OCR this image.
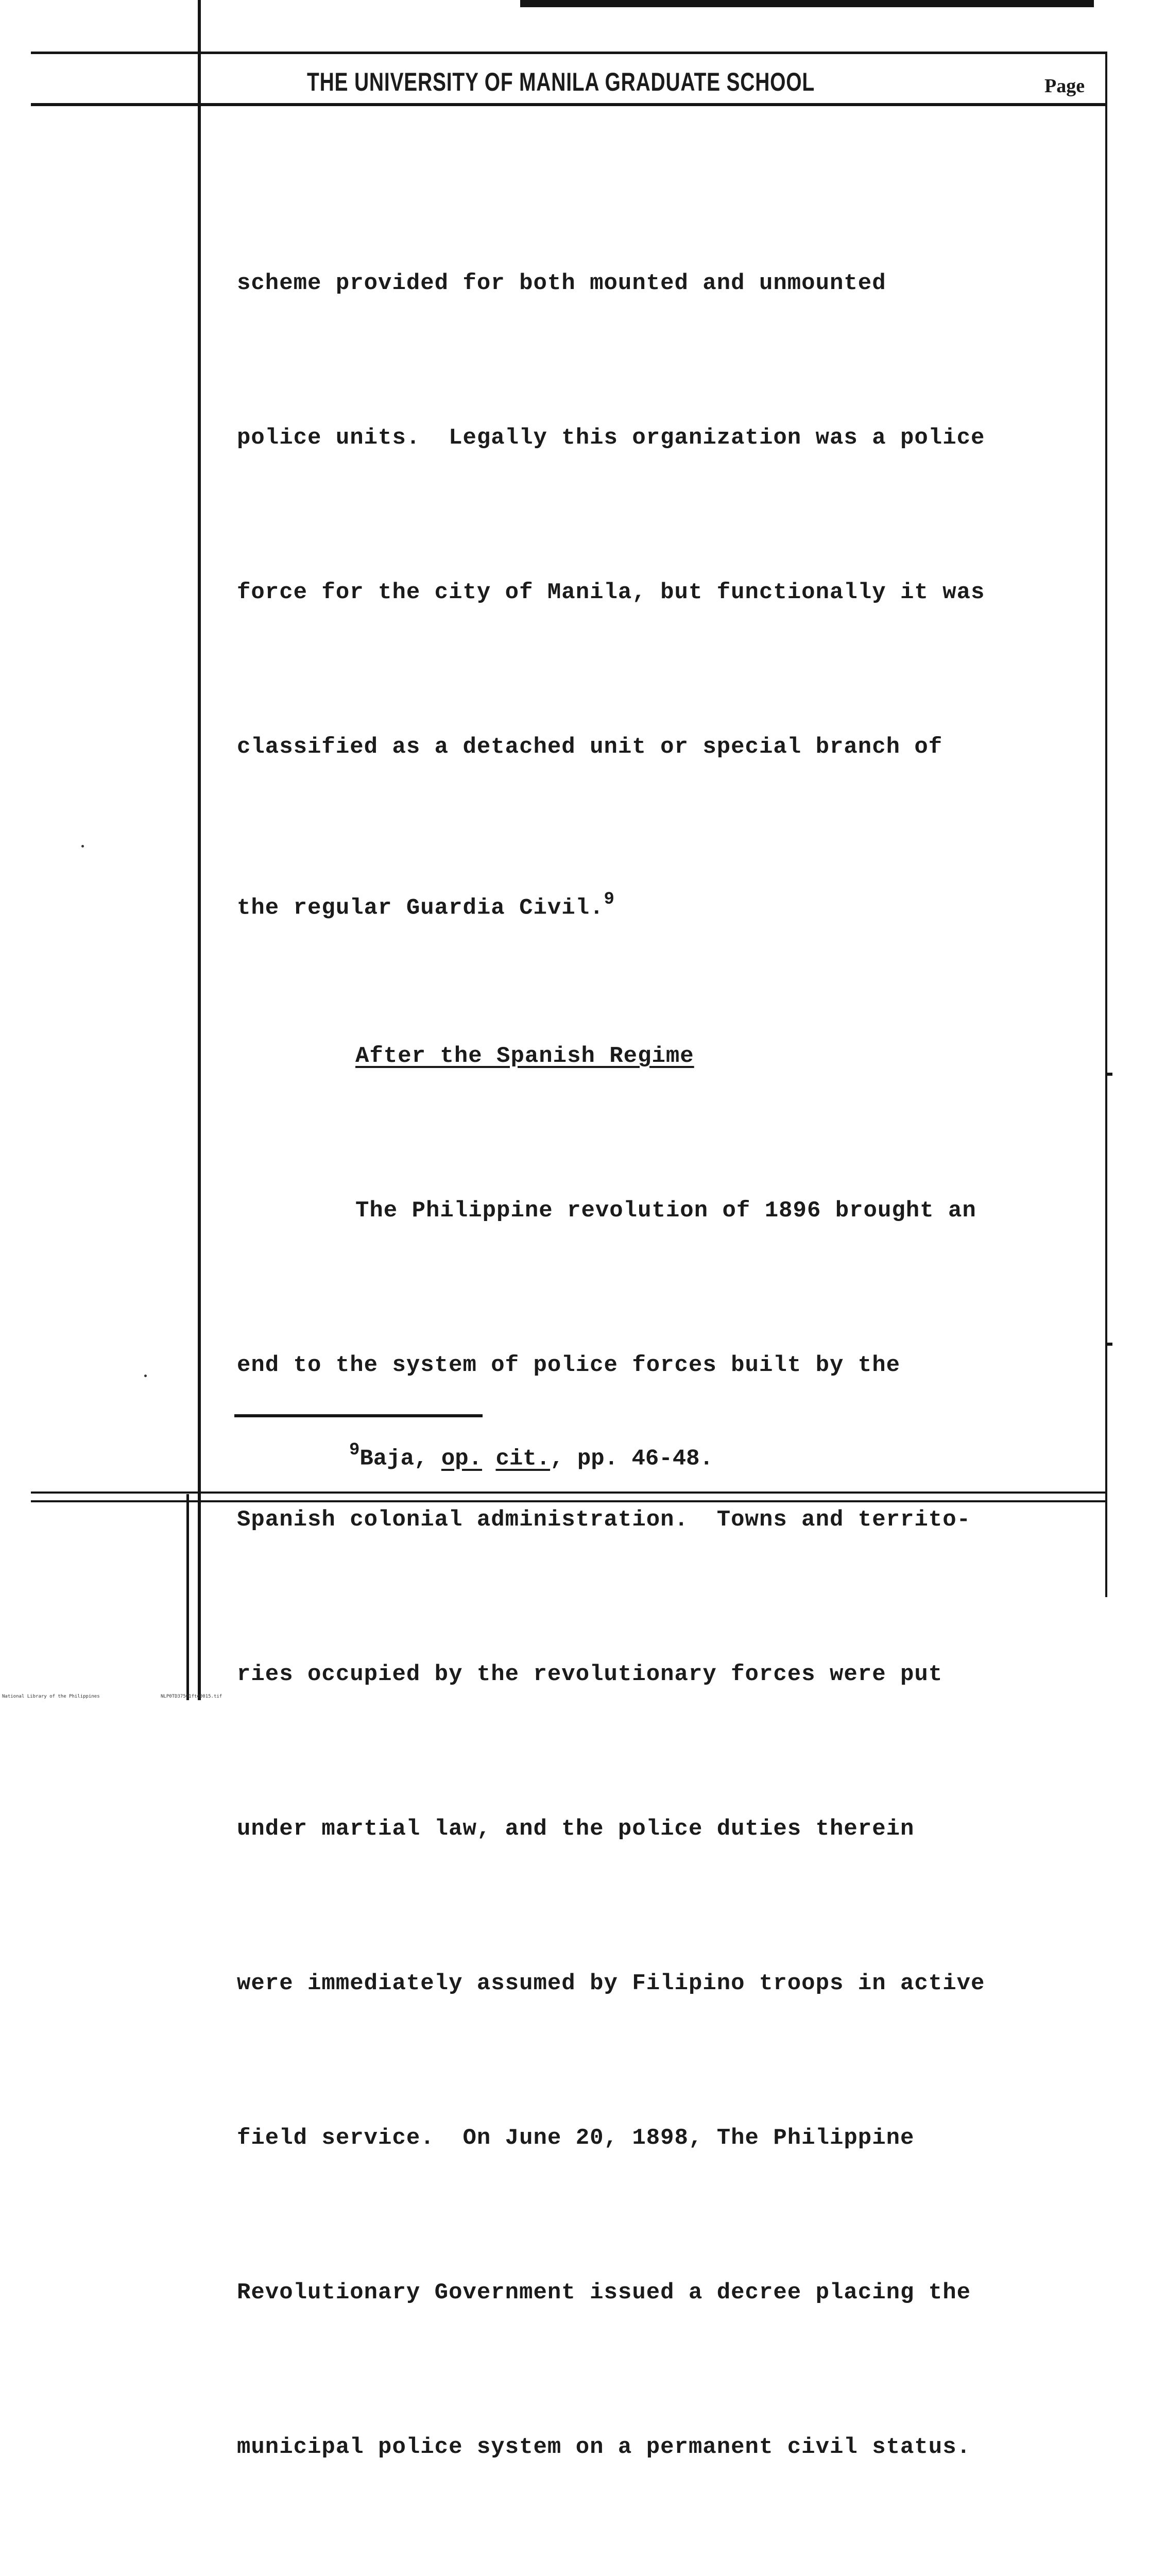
THE UNIVERSITY OF MANILA GRADUATE SCHOOL	Page

scheme provided for both mounted and unmounted

police units.  Legally this organization was a police

force for the city of Manila, but functionally it was

classified as a detached unit or special branch of

the regular Guardia Civil.$^9$

After the Spanish Regime

The Philippine revolution of 1896 brought an

end to the system of police forces built by the

Spanish colonial administration.  Towns and territo-

ries occupied by the revolutionary forces were put

under martial law, and the police duties therein

were immediately assumed by Filipino troops in active

field service.  On June 20, 1898, The Philippine

Revolutionary Government issued a decree placing the

municipal police system on a permanent civil status.

$^9$Baja, op. cit., pp. 46-48.
National Library of the Philippines	NLP0TD37501ftd0015.tif
